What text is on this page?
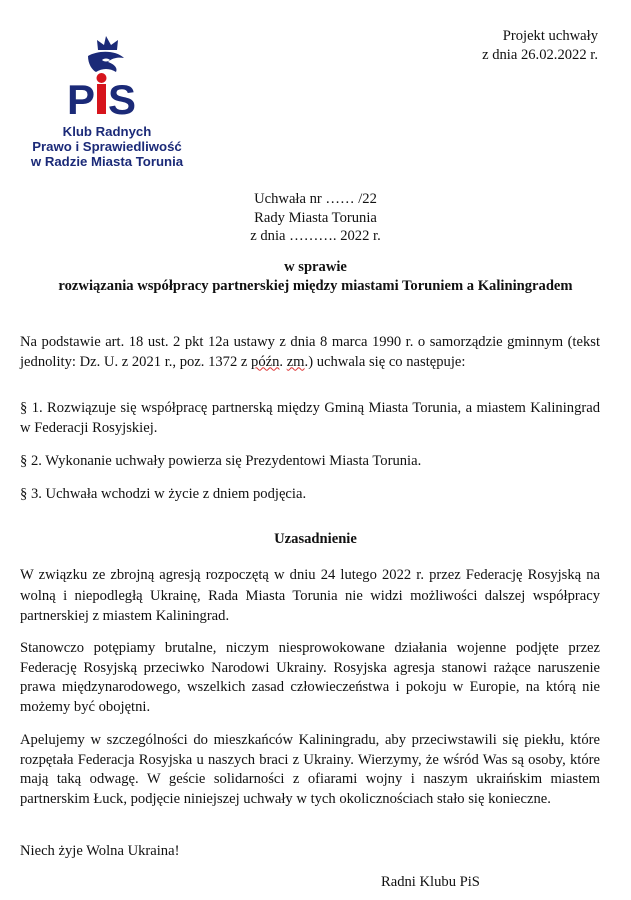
P S
Klub Radnych
Prawo i Sprawiedliwość
w Radzie Miasta Torunia
Projekt uchwały
z dnia 26.02.2022 r.
Uchwała nr …… /22
Rady Miasta Torunia
z dnia ………. 2022 r.
w sprawie
rozwiązania współpracy partnerskiej między miastami Toruniem a Kaliningradem

Na podstawie art. 18 ust. 2 pkt 12a ustawy z dnia 8 marca 1990 r. o samorządzie gminnym (tekst jednolity: Dz. U. z 2021 r., poz. 1372 z późn. zm.) uchwala się co następuje:

§ 1. Rozwiązuje się współpracę partnerską między Gminą Miasta Torunia, a miastem Kaliningrad w Federacji Rosyjskiej.

§ 2. Wykonanie uchwały powierza się Prezydentowi Miasta Torunia.

§ 3. Uchwała wchodzi w życie z dniem podjęcia.

Uzasadnienie

W związku ze zbrojną agresją rozpoczętą w dniu 24 lutego 2022 r. przez Federację Rosyjską na wolną i niepodległą Ukrainę, Rada Miasta Torunia nie widzi możliwości dalszej współpracy partnerskiej z miastem Kaliningrad.

Stanowczo potępiamy brutalne, niczym niesprowokowane działania wojenne podjęte przez Federację Rosyjską przeciwko Narodowi Ukrainy. Rosyjska agresja stanowi rażące naruszenie prawa międzynarodowego, wszelkich zasad człowieczeństwa i pokoju w Europie, na którą nie możemy być obojętni.

Apelujemy w szczególności do mieszkańców Kaliningradu, aby przeciwstawili się piekłu, które rozpętała Federacja Rosyjska u naszych braci z Ukrainy. Wierzymy, że wśród Was są osoby, które mają taką odwagę. W geście solidarności z ofiarami wojny i naszym ukraińskim miastem partnerskim Łuck, podjęcie niniejszej uchwały w tych okolicznościach stało się konieczne.

Niech żyje Wolna Ukraina!

Radni Klubu PiS
